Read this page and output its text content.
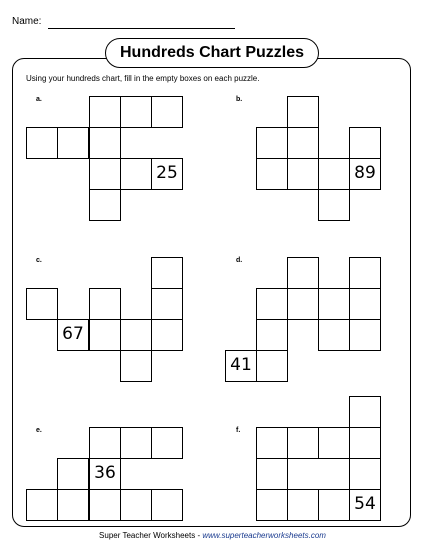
Name:
Hundreds Chart Puzzles
Using your hundreds chart, fill in the empty boxes on each puzzle.
a.
25
b.
89
c.
67
d.
41
e.
36
f.
54
Super Teacher Worksheets - www.superteacherworksheets.com
